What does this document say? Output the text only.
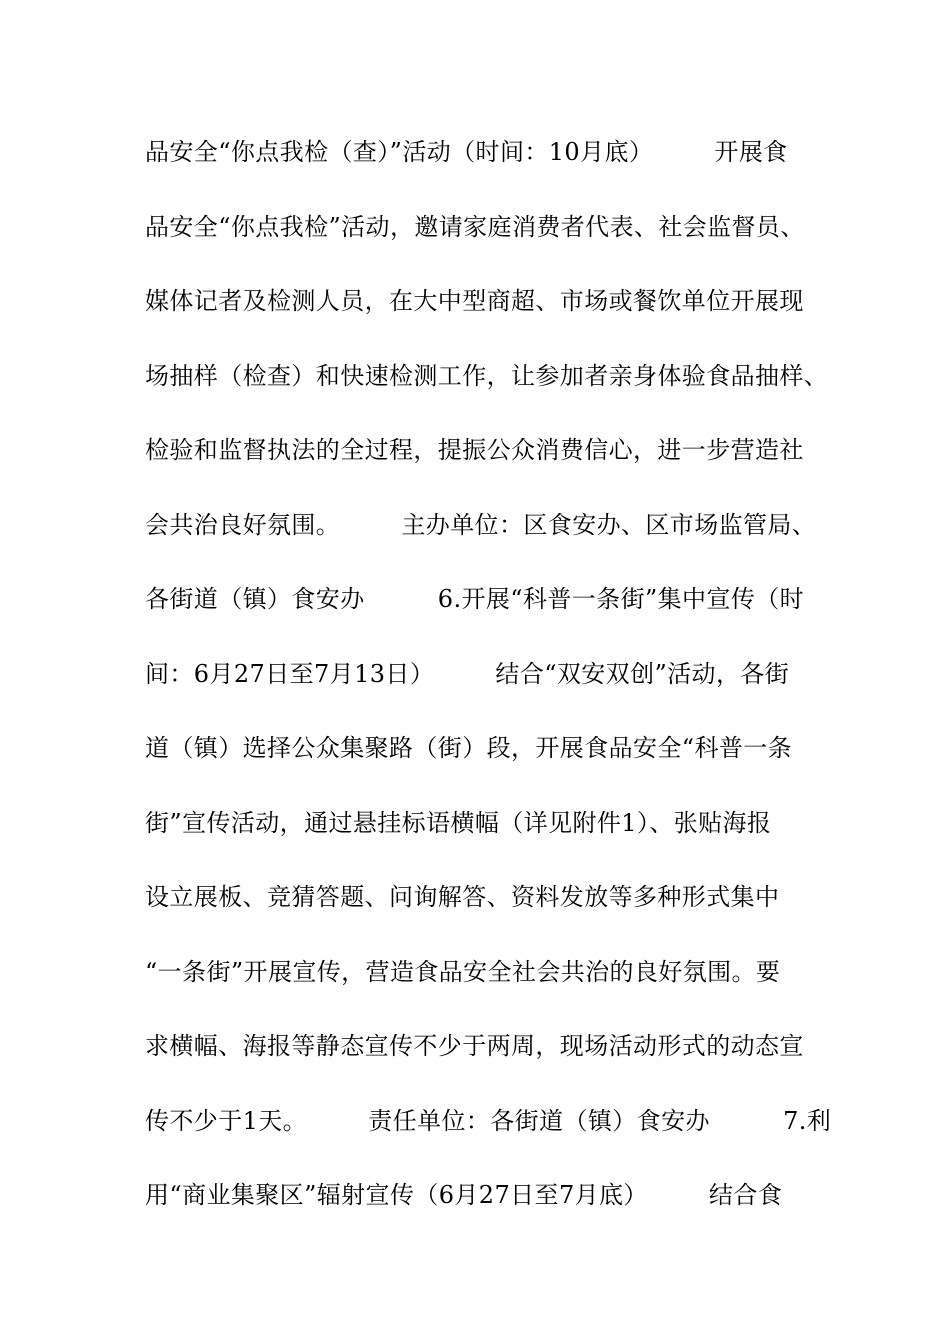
品安全“你点我检（查）”活动（时间：10月底）　　　开展食
品安全“你点我检”活动，邀请家庭消费者代表、社会监督员、
媒体记者及检测人员，在大中型商超、市场或餐饮单位开展现
场抽样（检查）和快速检测工作，让参加者亲身体验食品抽样、
检验和监督执法的全过程，提振公众消费信心，进一步营造社
会共治良好氛围。　　　主办单位：区食安办、区市场监管局、
各街道（镇）食安办　　　6.开展“科普一条街”集中宣传（时
间：6月27日至7月13日）　　　结合“双安双创”活动，各街
道（镇）选择公众集聚路（街）段，开展食品安全“科普一条
街”宣传活动，通过悬挂标语横幅（详见附件1）、张贴海报
设立展板、竞猜答题、问询解答、资料发放等多种形式集中
“一条街”开展宣传，营造食品安全社会共治的良好氛围。要
求横幅、海报等静态宣传不少于两周，现场活动形式的动态宣
传不少于1天。　　　责任单位：各街道（镇）食安办　　　7.利
用“商业集聚区”辐射宣传（6月27日至7月底）　　　结合食
